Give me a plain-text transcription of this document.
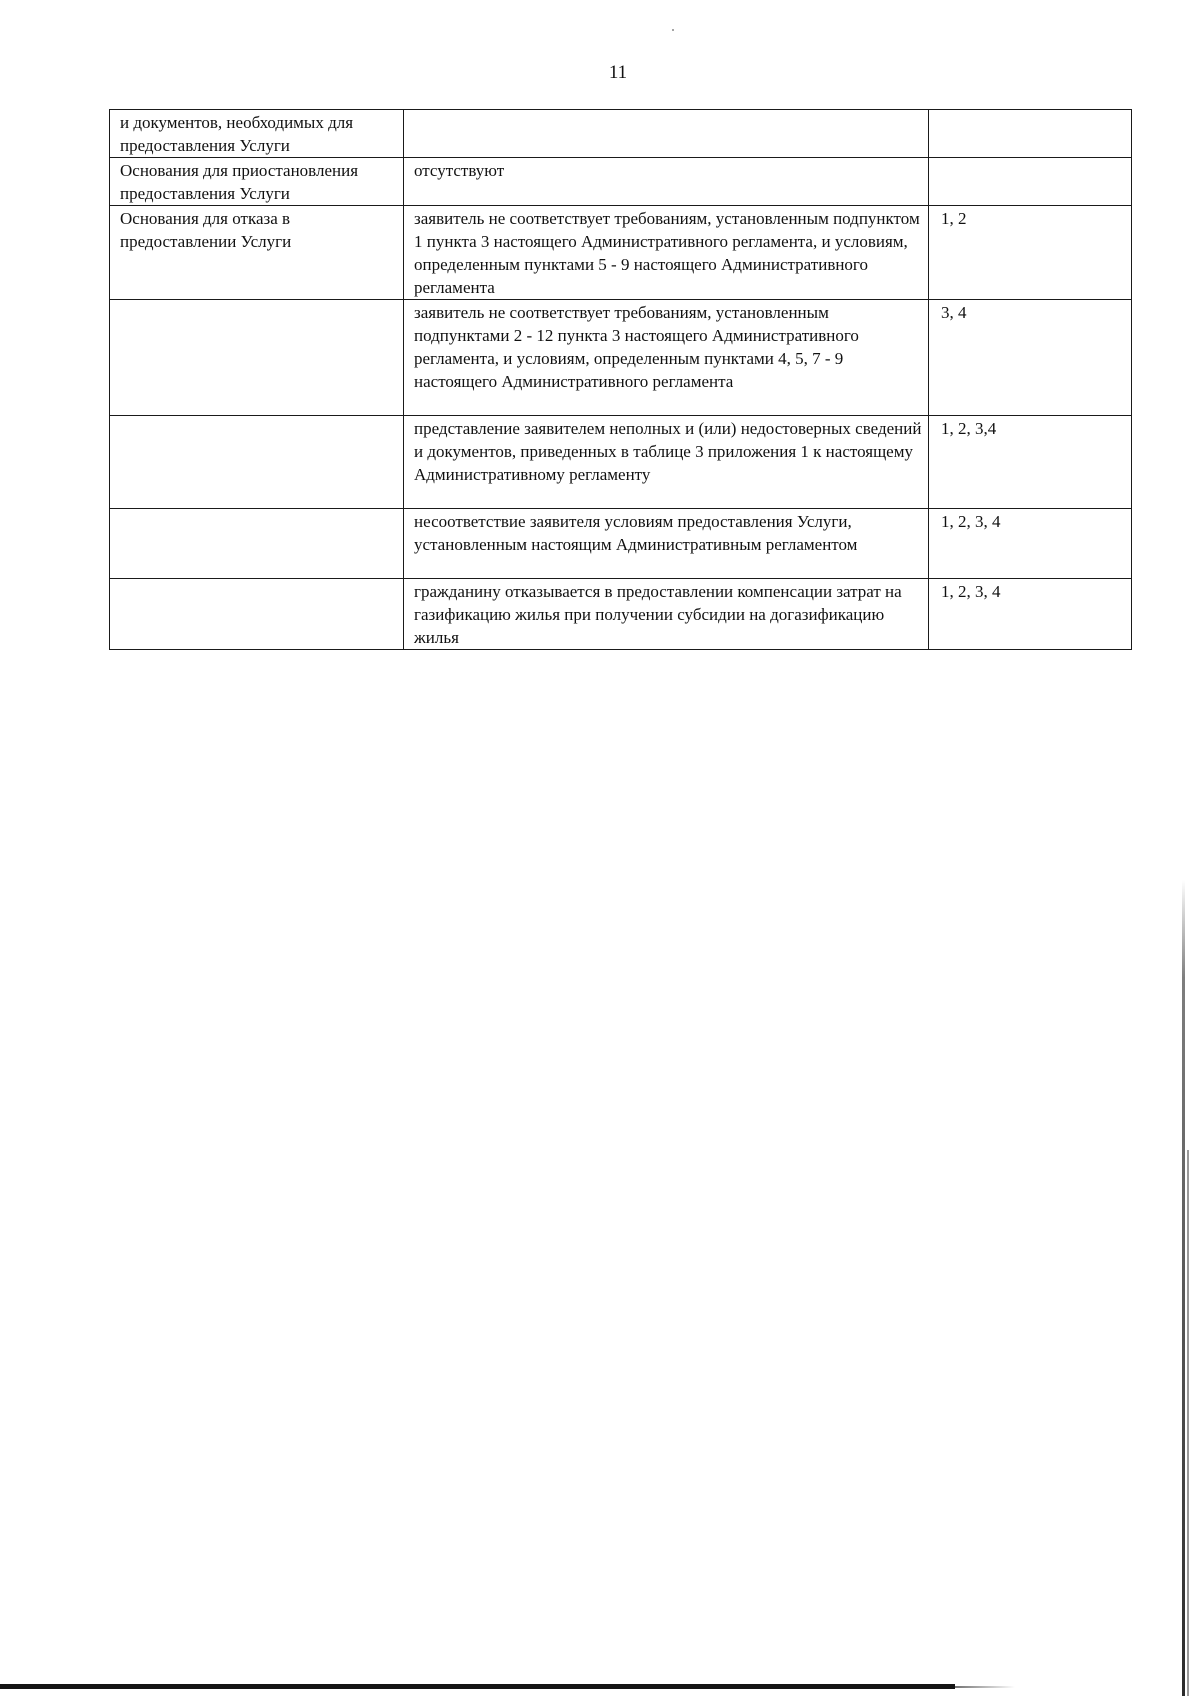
11
и документов, необходимых для предоставления Услуги		
Основания для приостановления предоставления Услуги	отсутствуют	
Основания для отказа в предоставлении Услуги	заявитель не соответствует требованиям, установленным подпунктом 1 пункта 3 настоящего Административного регламента, и условиям, определенным пунктами 5 - 9 настоящего Административного регламента	1, 2
	заявитель не соответствует требованиям, установленным подпунктами 2 - 12 пункта 3 настоящего Административного регламента, и условиям, определенным пунктами 4, 5, 7 - 9 настоящего Административного регламента	3, 4
	представление заявителем неполных и (или) недостоверных сведений и документов, приведенных в таблице 3 приложения 1 к настоящему Административному регламенту	1, 2, 3,4
	несоответствие заявителя условиям предоставления Услуги, установленным настоящим Административным регламентом	1, 2, 3, 4
	гражданину отказывается в предоставлении компенсации затрат на газификацию жилья при получении субсидии на догазификацию жилья	1, 2, 3, 4
